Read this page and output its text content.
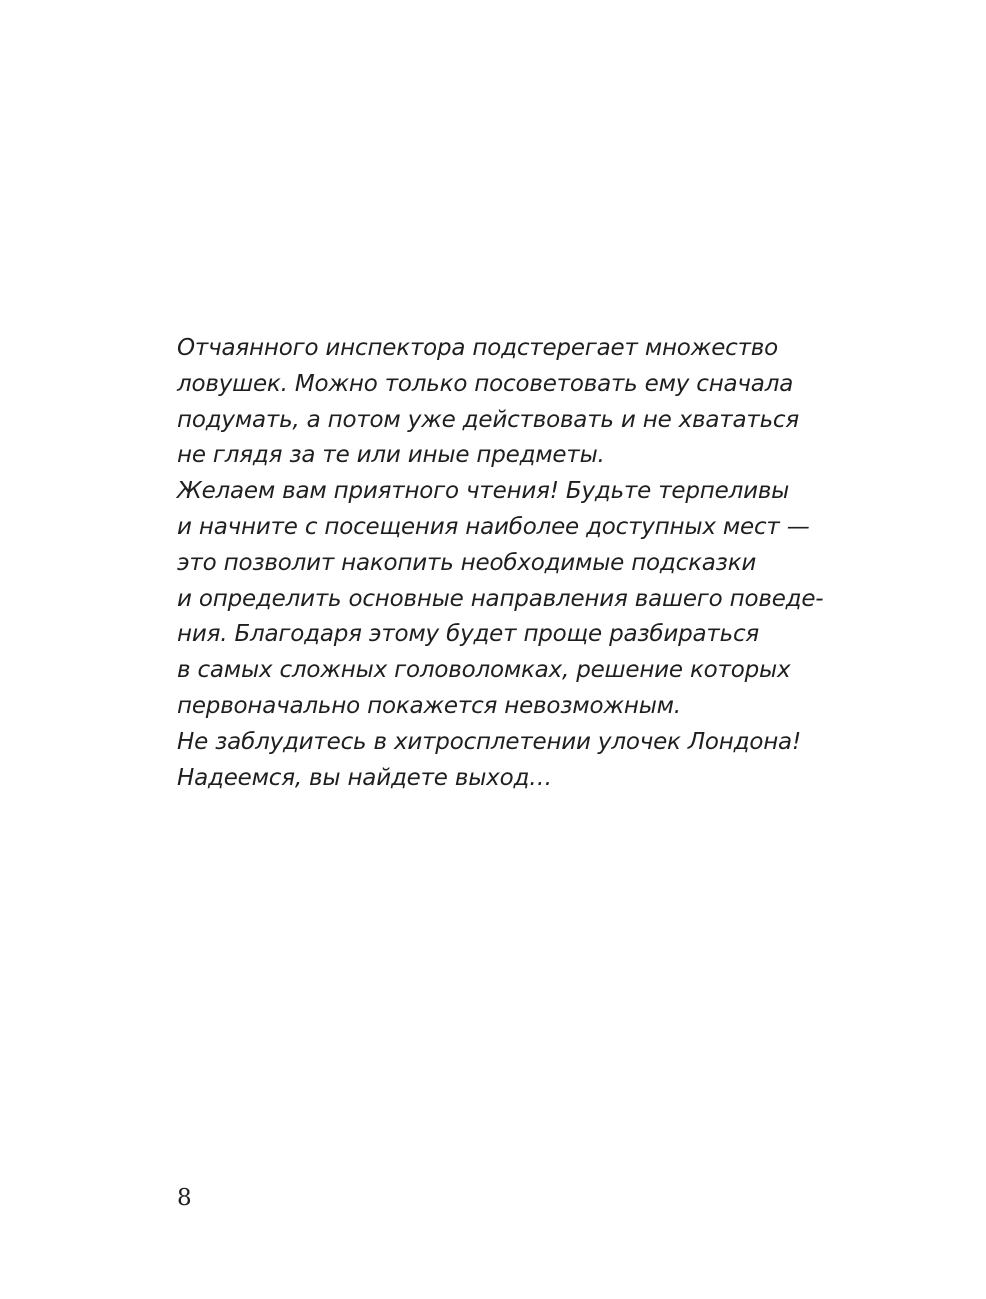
Отчаянного инспектора подстерегает множество
ловушек. Можно только посоветовать ему сначала
подумать, а потом уже действовать и не хвататься
не глядя за те или иные предметы.
Желаем вам приятного чтения! Будьте терпеливы
и начните с посещения наиболее доступных мест —
это позволит накопить необходимые подсказки
и определить основные направления вашего поведе-
ния. Благодаря этому будет проще разбираться
в самых сложных головоломках, решение которых
первоначально покажется невозможным.
Не заблудитесь в хитросплетении улочек Лондона!
Надеемся, вы найдете выход…
8
